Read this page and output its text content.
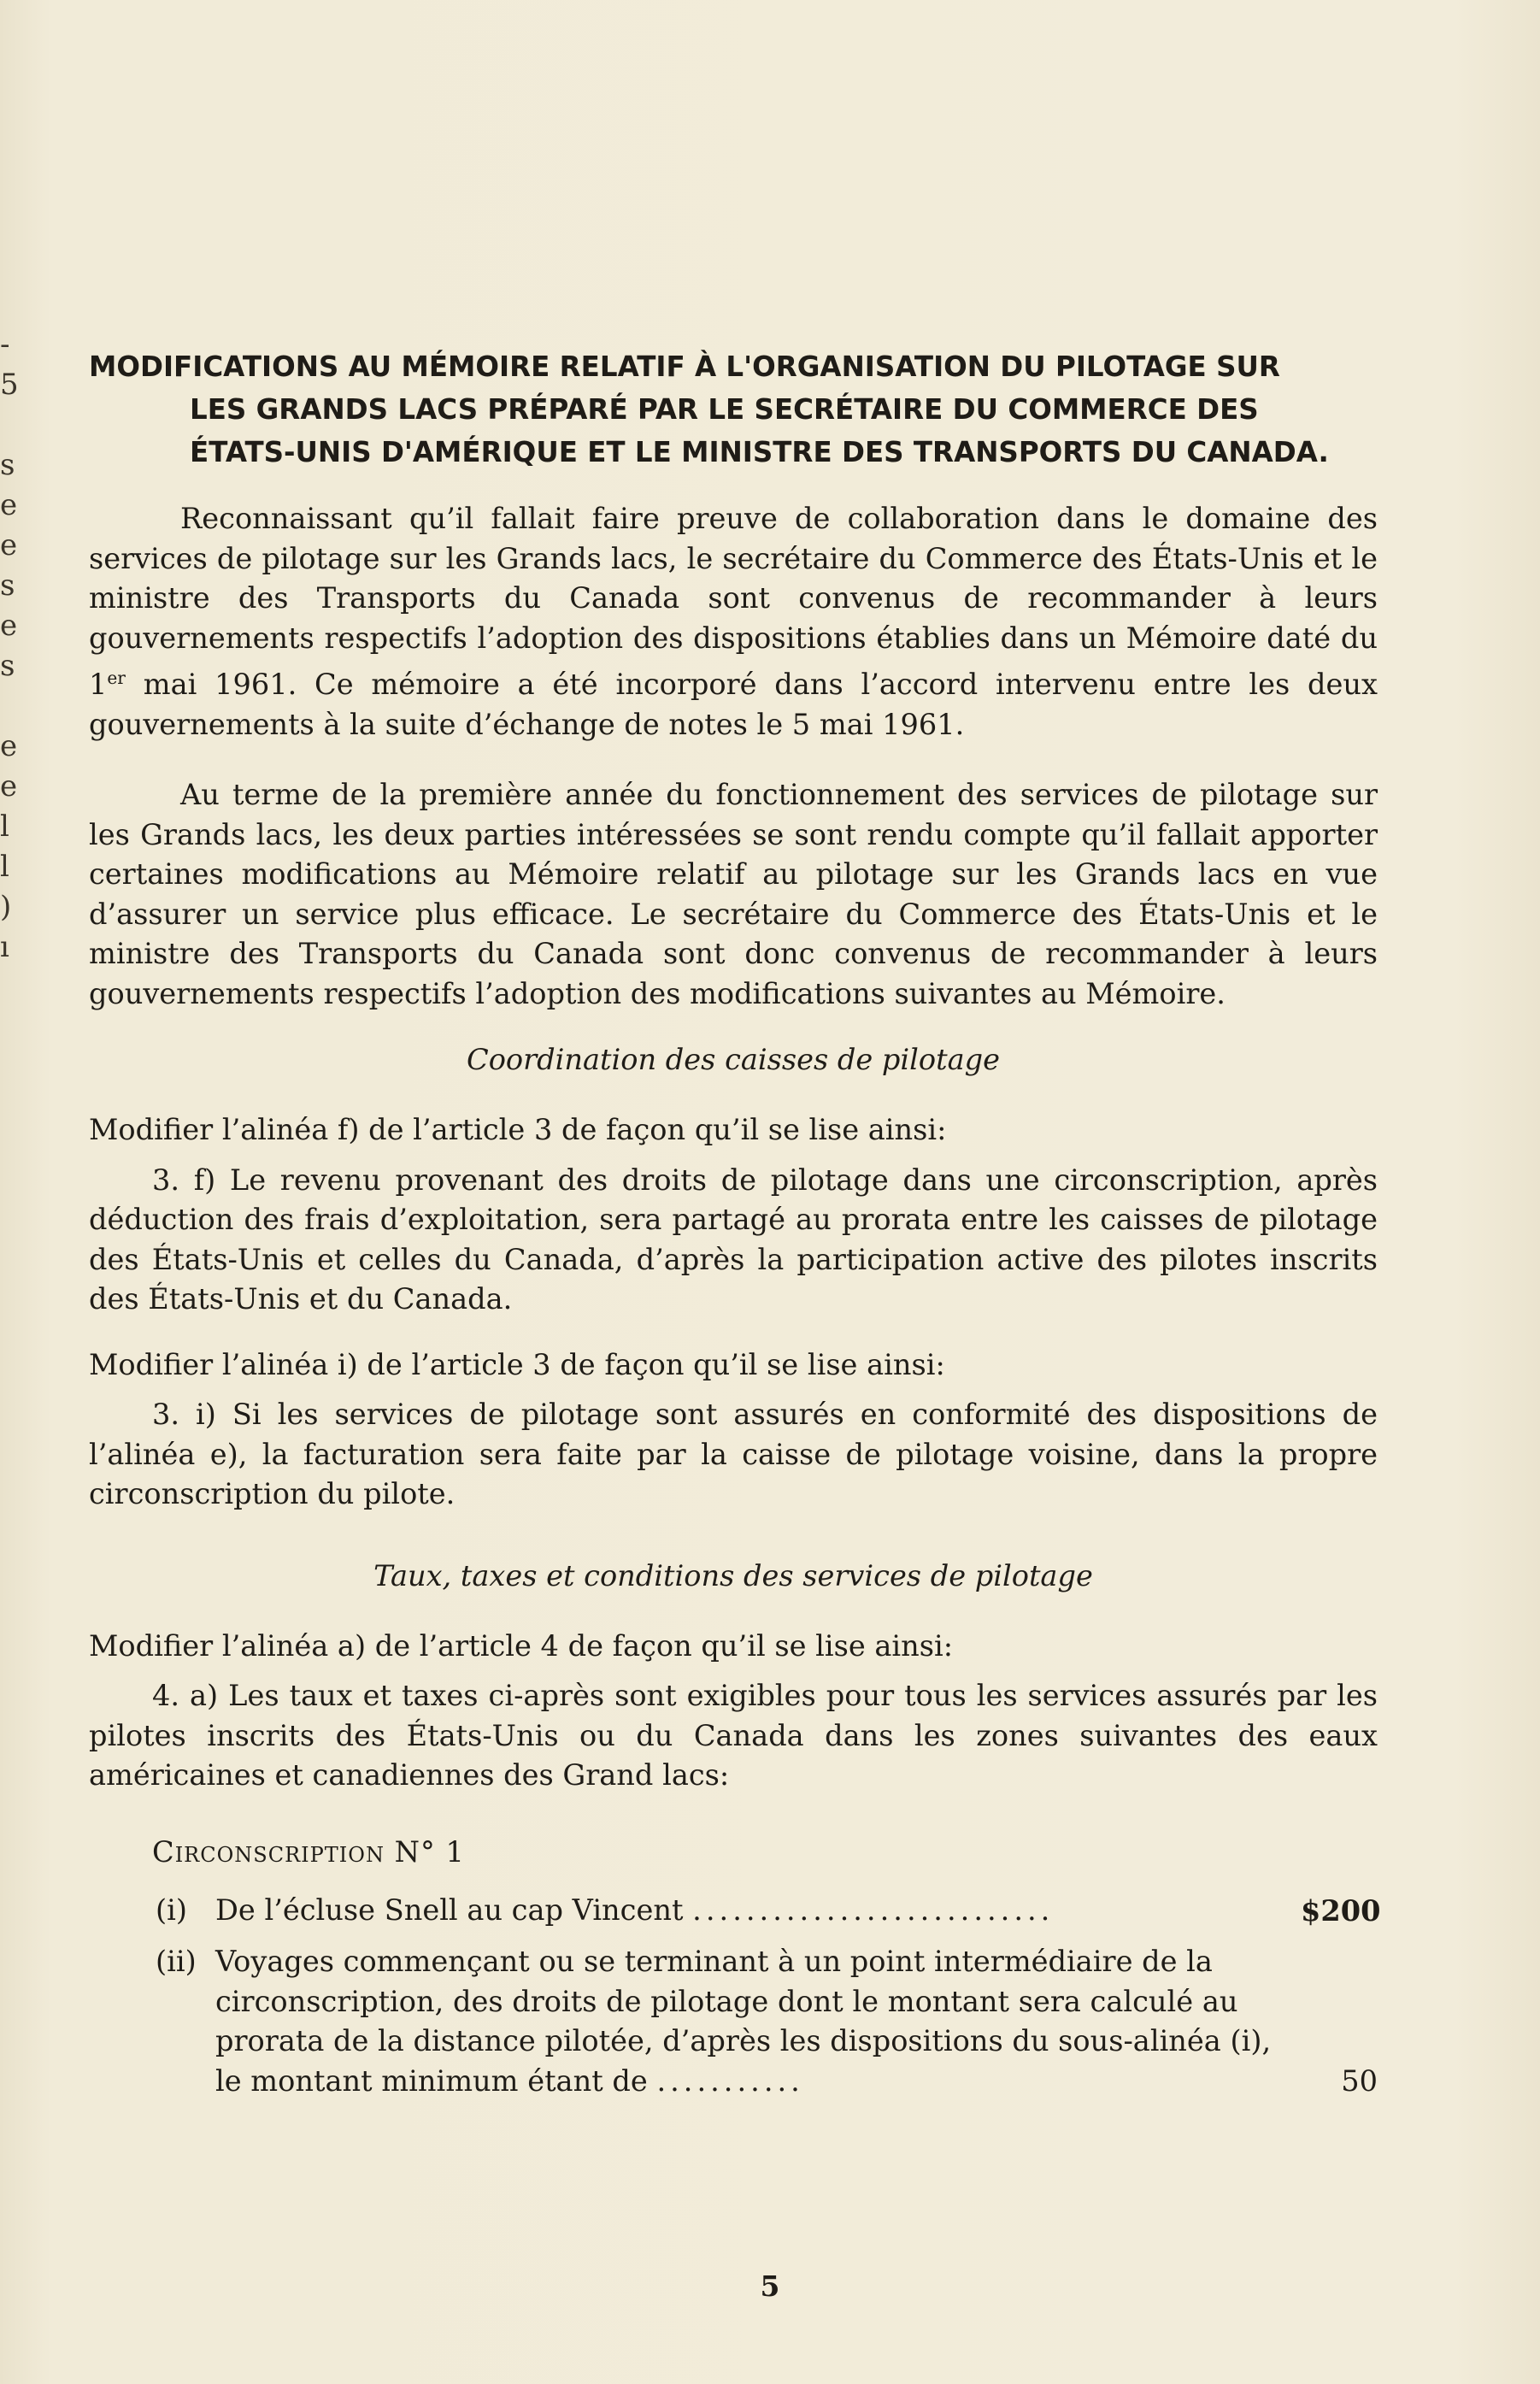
-
5
s
e
e
s
e
s
e
e
l
l
)
ı
MODIFICATIONS AU MÉMOIRE RELATIF À L'ORGANISATION DU PILOTAGE SUR
LES GRANDS LACS PRÉPARÉ PAR LE SECRÉTAIRE DU COMMERCE DES
ÉTATS-UNIS D'AMÉRIQUE ET LE MINISTRE DES TRANSPORTS DU CANADA.

Reconnaissant qu’il fallait faire preuve de collaboration dans le domaine des services de pilotage sur les Grands lacs, le secrétaire du Commerce des États-Unis et le ministre des Transports du Canada sont convenus de recommander à leurs gouvernements respectifs l’adoption des dispositions établies dans un Mémoire daté du 1er mai 1961. Ce mémoire a été incorporé dans l’accord intervenu entre les deux gouvernements à la suite d’échange de notes le 5 mai 1961.

Au terme de la première année du fonctionnement des services de pilotage sur les Grands lacs, les deux parties intéressées se sont rendu compte qu’il fallait apporter certaines modifications au Mémoire relatif au pilotage sur les Grands lacs en vue d’assurer un service plus efficace. Le secrétaire du Commerce des États-Unis et le ministre des Transports du Canada sont donc convenus de recommander à leurs gouvernements respectifs l’adoption des modifications suivantes au Mémoire.

Coordination des caisses de pilotage

Modifier l’alinéa f) de l’article 3 de façon qu’il se lise ainsi:

3. f) Le revenu provenant des droits de pilotage dans une circonscription, après déduction des frais d’exploitation, sera partagé au prorata entre les caisses de pilotage des États-Unis et celles du Canada, d’après la participation active des pilotes inscrits des États-Unis et du Canada.

Modifier l’alinéa i) de l’article 3 de façon qu’il se lise ainsi:

3. i) Si les services de pilotage sont assurés en conformité des dispositions de l’alinéa e), la facturation sera faite par la caisse de pilotage voisine, dans la propre circonscription du pilote.

Taux, taxes et conditions des services de pilotage

Modifier l’alinéa a) de l’article 4 de façon qu’il se lise ainsi:

4. a) Les taux et taxes ci-après sont exigibles pour tous les services assurés par les pilotes inscrits des États-Unis ou du Canada dans les zones suivantes des eaux américaines et canadiennes des Grand lacs:

Circonscription N° 1
(i) De l’écluse Snell au cap Vincent ...........................	$200
(ii) Voyages commençant ou se terminant à un point intermédiaire de la circonscription, des droits de pilotage dont le montant sera calculé au prorata de la distance pilotée, d’après les dispositions du sous-alinéa (i), le montant minimum étant de ...........	50
5
